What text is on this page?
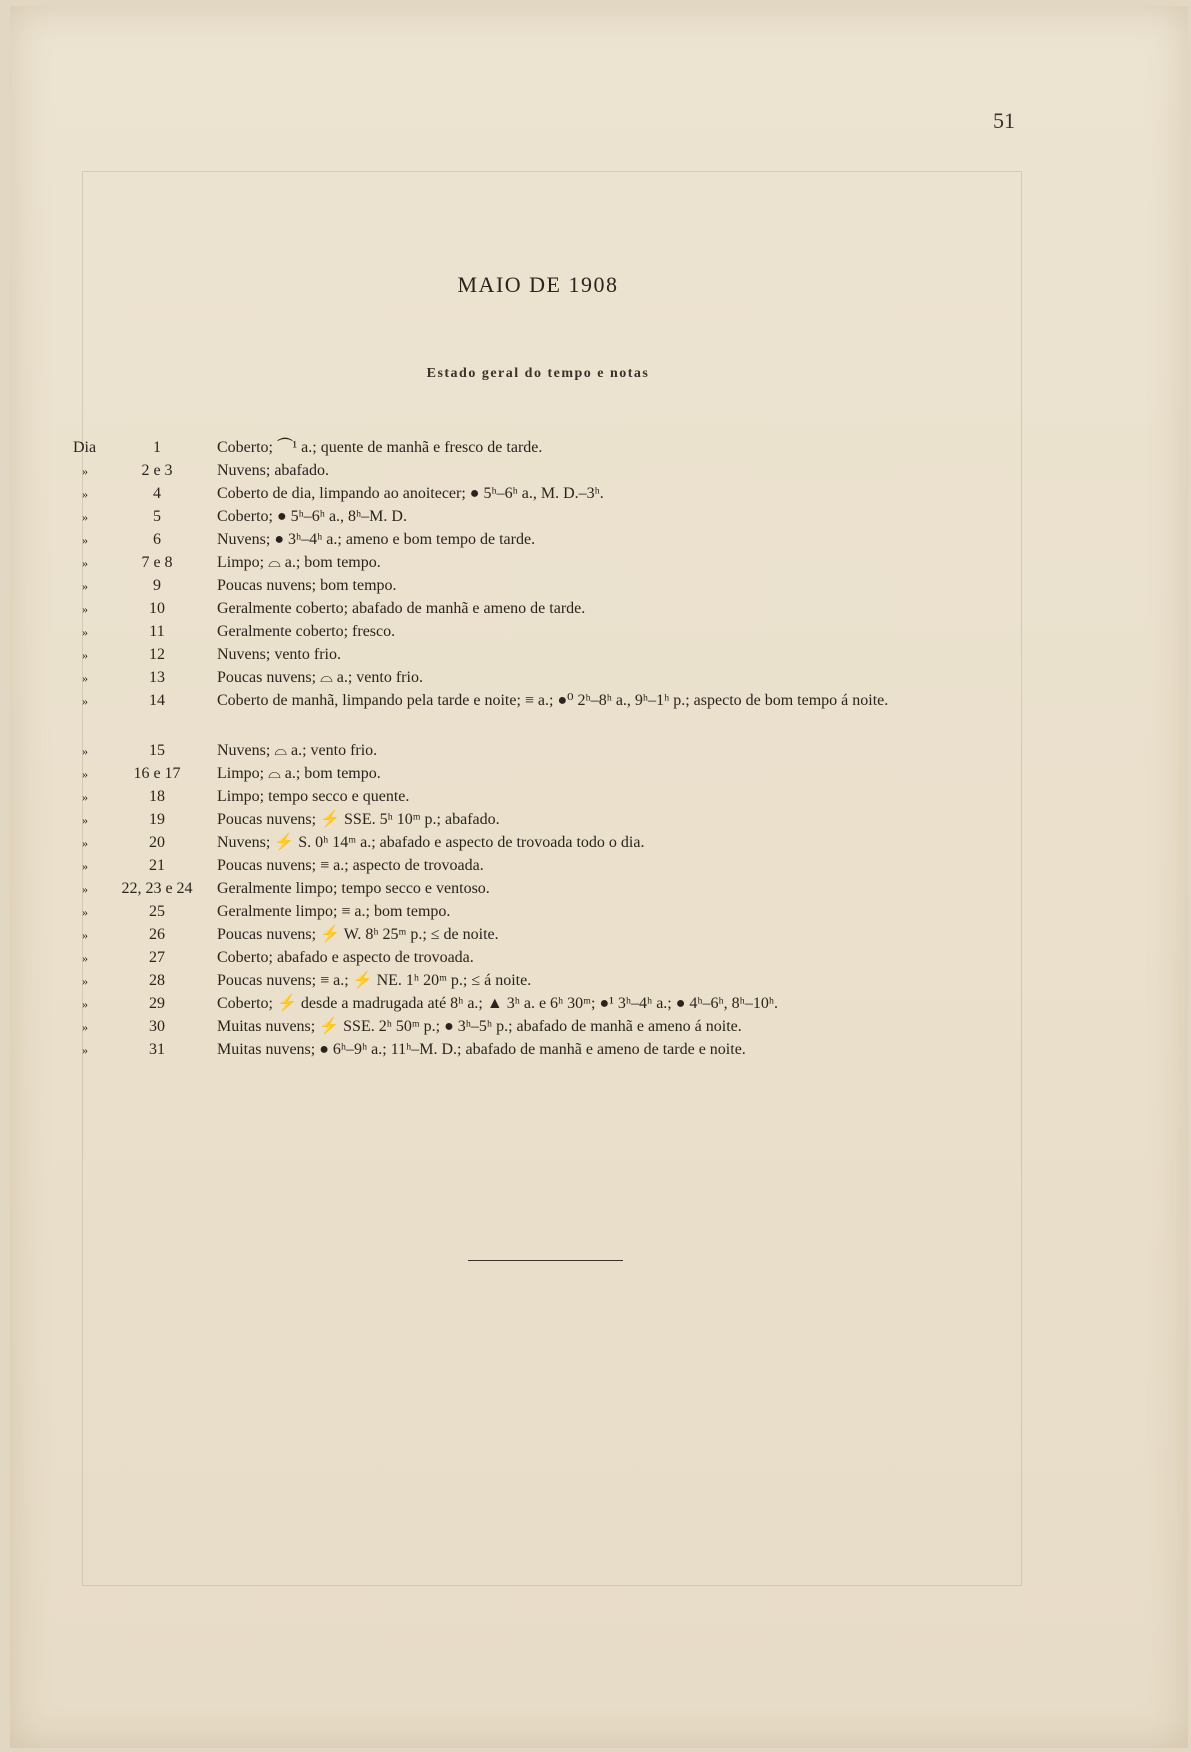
51
MAIO DE 1908
Estado geral do tempo e notas
Dia	1	Coberto; ⏜¹ a.; quente de manhã e fresco de tarde.
»	2 e 3	Nuvens; abafado.
»	4	Coberto de dia, limpando ao anoitecer; ● 5ʰ–6ʰ a., M. D.–3ʰ.
»	5	Coberto; ● 5ʰ–6ʰ a., 8ʰ–M. D.
»	6	Nuvens; ● 3ʰ–4ʰ a.; ameno e bom tempo de tarde.
»	7 e 8	Limpo; ⌓ a.; bom tempo.
»	9	Poucas nuvens; bom tempo.
»	10	Geralmente coberto; abafado de manhã e ameno de tarde.
»	11	Geralmente coberto; fresco.
»	12	Nuvens; vento frio.
»	13	Poucas nuvens; ⌓ a.; vento frio.
»	14	Coberto de manhã, limpando pela tarde e noite; ≡ a.; ●⁰ 2ʰ–8ʰ a., 9ʰ–1ʰ p.; aspecto de bom tempo á noite.
»	15	Nuvens; ⌓ a.; vento frio.
»	16 e 17	Limpo; ⌓ a.; bom tempo.
»	18	Limpo; tempo secco e quente.
»	19	Poucas nuvens; ⚡ SSE. 5ʰ 10ᵐ p.; abafado.
»	20	Nuvens; ⚡ S. 0ʰ 14ᵐ a.; abafado e aspecto de trovoada todo o dia.
»	21	Poucas nuvens; ≡ a.; aspecto de trovoada.
»	22, 23 e 24	Geralmente limpo; tempo secco e ventoso.
»	25	Geralmente limpo; ≡ a.; bom tempo.
»	26	Poucas nuvens; ⚡ W. 8ʰ 25ᵐ p.; ≤ de noite.
»	27	Coberto; abafado e aspecto de trovoada.
»	28	Poucas nuvens; ≡ a.; ⚡ NE. 1ʰ 20ᵐ p.; ≤ á noite.
»	29	Coberto; ⚡ desde a madrugada até 8ʰ a.; ▲ 3ʰ a. e 6ʰ 30ᵐ; ●¹ 3ʰ–4ʰ a.; ● 4ʰ–6ʰ, 8ʰ–10ʰ.
»	30	Muitas nuvens; ⚡ SSE. 2ʰ 50ᵐ p.; ● 3ʰ–5ʰ p.; abafado de manhã e ameno á noite.
»	31	Muitas nuvens; ● 6ʰ–9ʰ a.; 11ʰ–M. D.; abafado de manhã e ameno de tarde e noite.
